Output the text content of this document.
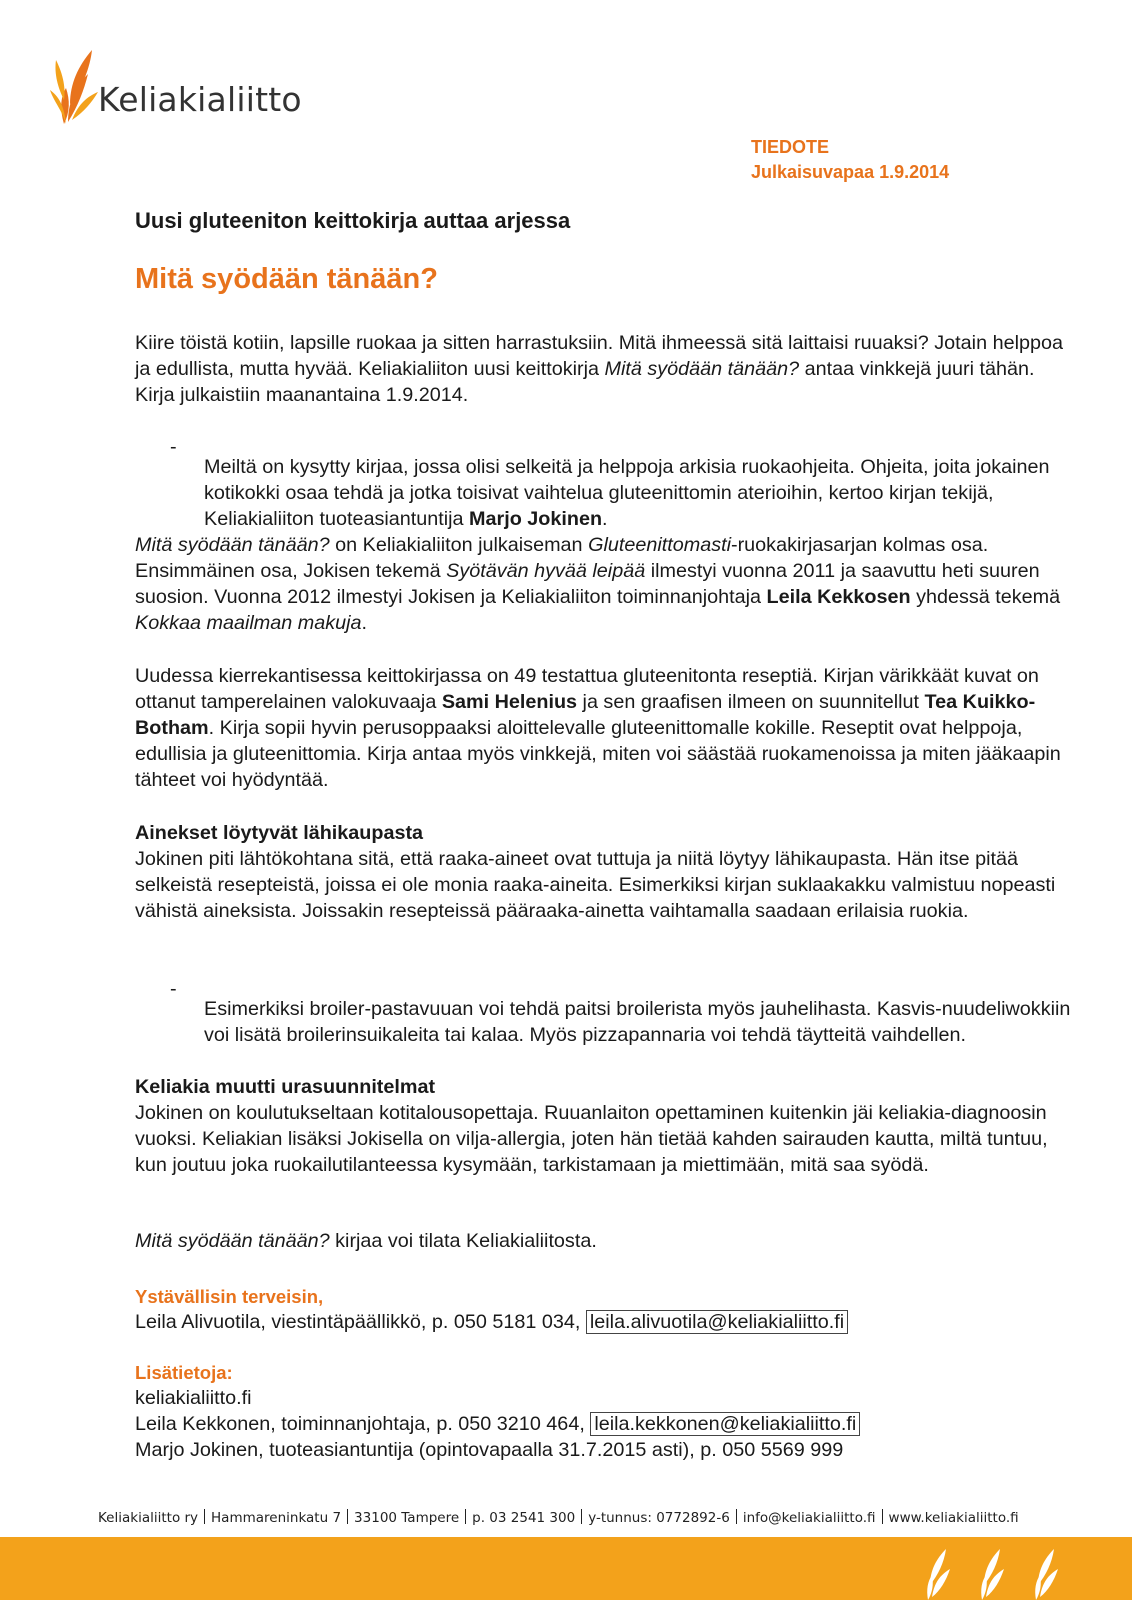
Keliakialiitto
TIEDOTE
Julkaisuvapaa 1.9.2014
Uusi gluteeniton keittokirja auttaa arjessa
Mitä syödään tänään?

Kiire töistä kotiin, lapsille ruokaa ja sitten harrastuksiin. Mitä ihmeessä sitä laittaisi ruuaksi? Jotain helppoa ja edullista, mutta hyvää. Keliakialiiton uusi keittokirja Mitä syödään tänään? antaa vinkkejä juuri tähän. Kirja julkaistiin maanantaina 1.9.2014.

-

Meiltä on kysytty kirjaa, jossa olisi selkeitä ja helppoja arkisia ruokaohjeita. Ohjeita, joita jokainen kotikokki osaa tehdä ja jotka toisivat vaihtelua gluteenittomin aterioihin, kertoo kirjan tekijä, Keliakialiiton tuoteasiantuntija Marjo Jokinen.

Mitä syödään tänään? on Keliakialiiton julkaiseman Gluteenittomasti-ruokakirjasarjan kolmas osa. Ensimmäinen osa, Jokisen tekemä Syötävän hyvää leipää ilmestyi vuonna 2011 ja saavuttu heti suuren suosion. Vuonna 2012 ilmestyi Jokisen ja Keliakialiiton toiminnanjohtaja Leila Kekkosen yhdessä tekemä Kokkaa maailman makuja.

Uudessa kierrekantisessa keittokirjassa on 49 testattua gluteenitonta reseptiä. Kirjan värikkäät kuvat on ottanut tamperelainen valokuvaaja Sami Helenius ja sen graafisen ilmeen on suunnitellut Tea Kuikko-Botham. Kirja sopii hyvin perusoppaaksi aloittelevalle gluteenittomalle kokille. Reseptit ovat helppoja, edullisia ja gluteenittomia. Kirja antaa myös vinkkejä, miten voi säästää ruokamenoissa ja miten jääkaapin tähteet voi hyödyntää.

Ainekset löytyvät lähikaupasta

Jokinen piti lähtökohtana sitä, että raaka-aineet ovat tuttuja ja niitä löytyy lähikaupasta. Hän itse pitää selkeistä resepteistä, joissa ei ole monia raaka-aineita. Esimerkiksi kirjan suklaakakku valmistuu nopeasti vähistä aineksista. Joissakin resepteissä pääraaka-ainetta vaihtamalla saadaan erilaisia ruokia.

-

Esimerkiksi broiler-pastavuuan voi tehdä paitsi broilerista myös jauhelihasta. Kasvis-nuudeliwokkiin voi lisätä broilerinsuikaleita tai kalaa. Myös pizzapannaria voi tehdä täytteitä vaihdellen.

Keliakia muutti urasuunnitelmat

Jokinen on koulutukseltaan kotitalousopettaja. Ruuanlaiton opettaminen kuitenkin jäi keliakia-diagnoosin vuoksi. Keliakian lisäksi Jokisella on vilja-allergia, joten hän tietää kahden sairauden kautta, miltä tuntuu, kun joutuu joka ruokailutilanteessa kysymään, tarkistamaan ja miettimään, mitä saa syödä.

Mitä syödään tänään? kirjaa voi tilata Keliakialiitosta.

Ystävällisin terveisin,

Leila Alivuotila, viestintäpäällikkö, p. 050 5181 034, leila.alivuotila@keliakialiitto.fi

Lisätietoja:

keliakialiitto.fi

Leila Kekkonen, toiminnanjohtaja, p. 050 3210 464, leila.kekkonen@keliakialiitto.fi

Marjo Jokinen, tuoteasiantuntija (opintovapaalla 31.7.2015 asti), p. 050 5569 999

Keliakialiitto ry Hammareninkatu 7 33100 Tampere p. 03 2541 300 y-tunnus: 0772892-6 info@keliakialiitto.fi www.keliakialiitto.fi
